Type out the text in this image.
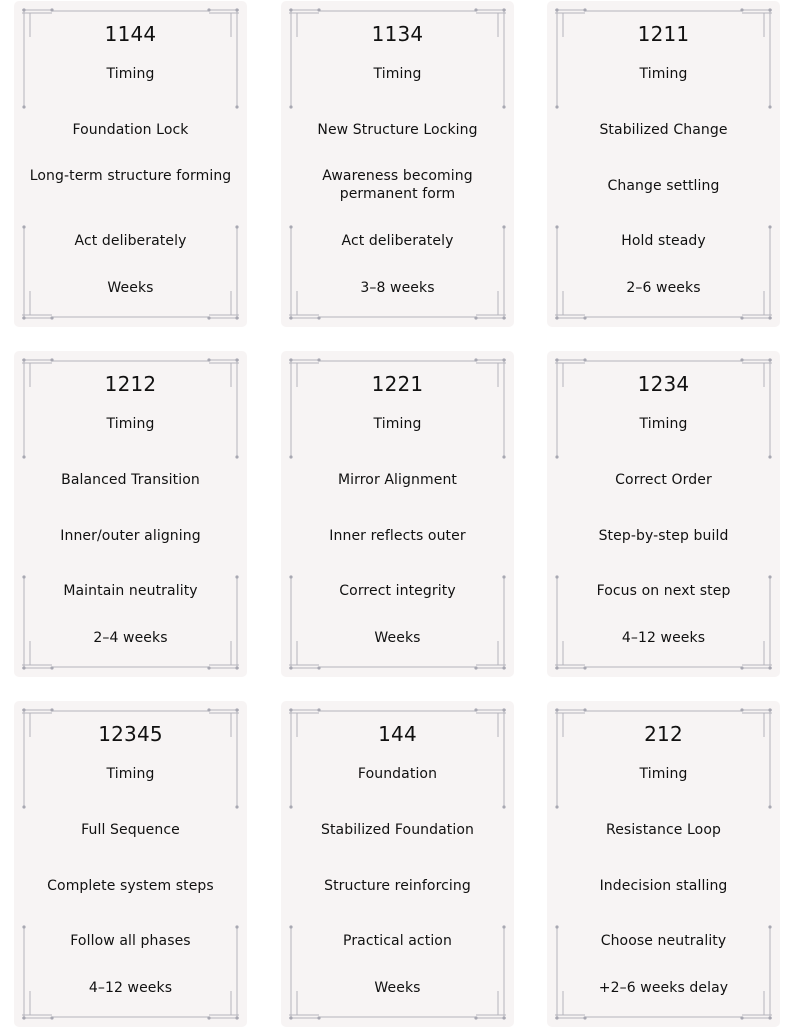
1144
Timing
Foundation Lock
Long-term structure forming
Act deliberately
Weeks
1134
Timing
New Structure Locking
Awareness becoming permanent form
Act deliberately
3–8 weeks
1211
Timing
Stabilized Change
Change settling
Hold steady
2–6 weeks
1212
Timing
Balanced Transition
Inner/outer aligning
Maintain neutrality
2–4 weeks
1221
Timing
Mirror Alignment
Inner reflects outer
Correct integrity
Weeks
1234
Timing
Correct Order
Step-by-step build
Focus on next step
4–12 weeks
12345
Timing
Full Sequence
Complete system steps
Follow all phases
4–12 weeks
144
Foundation
Stabilized Foundation
Structure reinforcing
Practical action
Weeks
212
Timing
Resistance Loop
Indecision stalling
Choose neutrality
+2–6 weeks delay
